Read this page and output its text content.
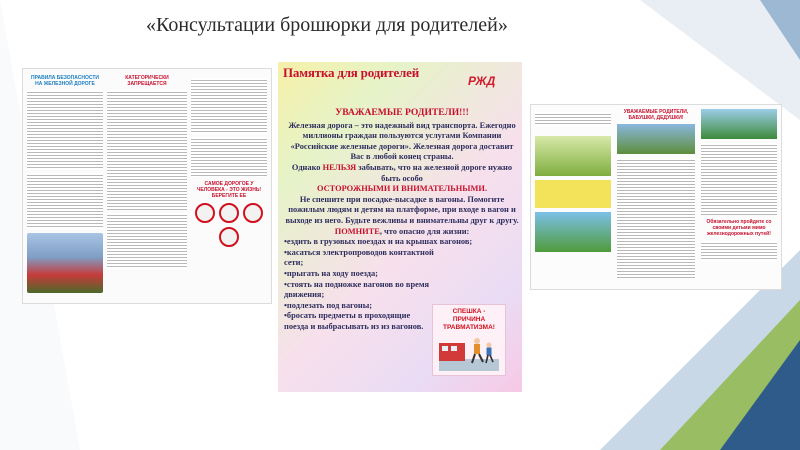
«Консультации брошюрки для родителей»
ПРАВИЛА БЕЗОПАСНОСТИ НА ЖЕЛЕЗНОЙ ДОРОГЕ
КАТЕГОРИЧЕСКИ ЗАПРЕЩАЕТСЯ
САМОЕ ДОРОГОЕ У ЧЕЛОВЕКА - ЭТО ЖИЗНЬ! БЕРЕГИТЕ ЕЕ
Памятка для родителей
РЖД
УВАЖАЕМЫЕ РОДИТЕЛИ!!!

Железная дорога – это надежный вид транспорта. Ежегодно миллионы граждан пользуются услугами Компании «Российские железные дороги». Железная дорога доставит Вас в любой конец страны.

Однако НЕЛЬЗЯ забывать, что на железной дороге нужно быть особо

ОСТОРОЖНЫМИ И ВНИМАТЕЛЬНЫМИ.

Не спешите при посадке-высадке в вагоны. Помогите пожилым людям и детям на платформе, при входе в вагон и выходе из него. Будьте вежливы и внимательны друг к другу.

ПОМНИТЕ, что опасно для жизни:

•ездить в грузовых поездах и на крышах вагонов;
•касаться электропроводов контактной сети;
•прыгать на ходу поезда;
•стоять на подножке вагонов во время движения;
•подлезать под вагоны;
•бросать предметы в проходящие поезда и выбрасывать из из вагонов.
СПЕШКА - ПРИЧИНА ТРАВМАТИЗМА!
УВАЖАЕМЫЕ РОДИТЕЛИ, БАБУШКИ, ДЕДУШКИ!
Обязательно пройдите со своими детьми мимо железнодорожных путей!
